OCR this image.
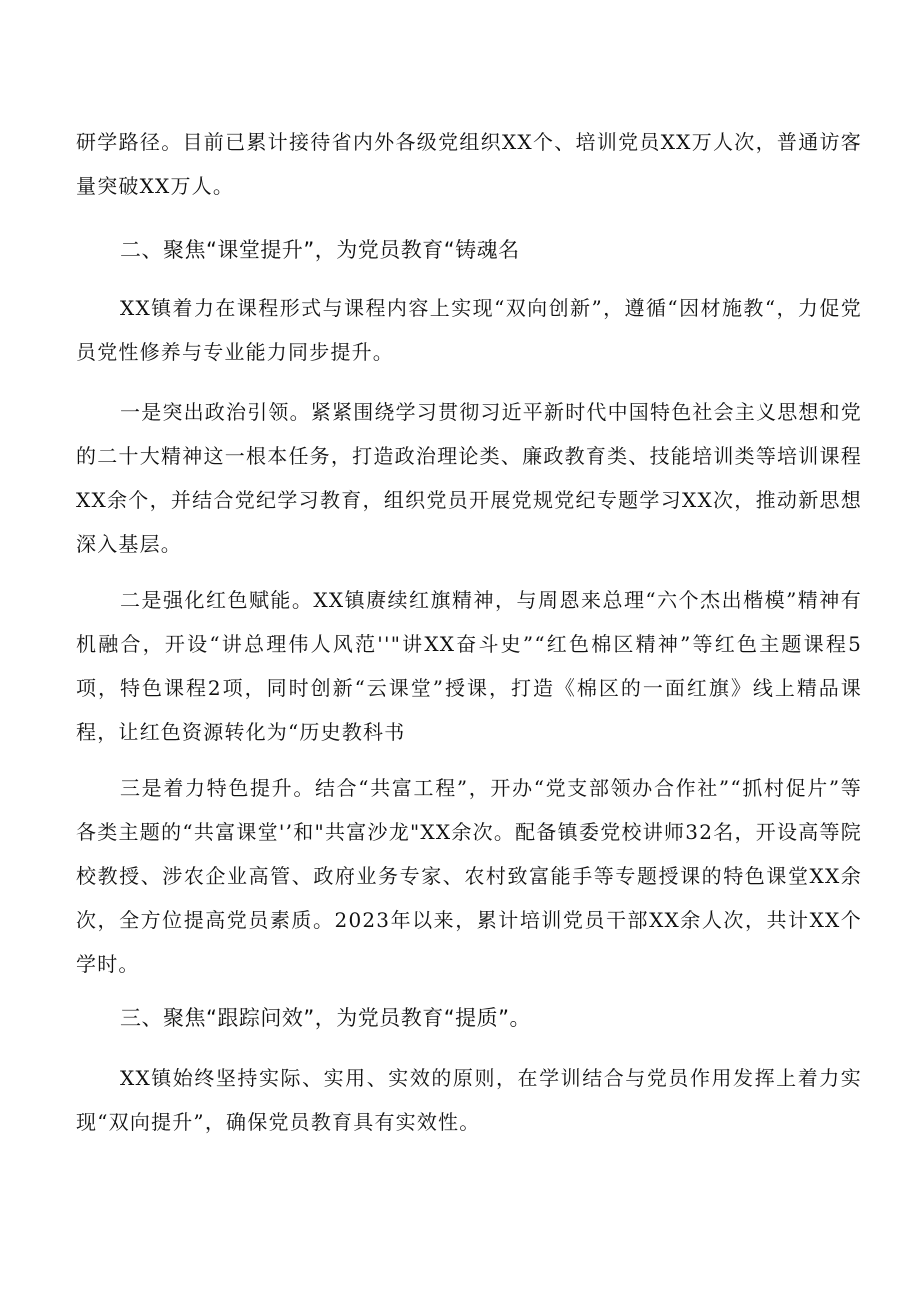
研学路径。目前已累计接待省内外各级党组织XX个、培训党员XX万人次，普通访客量突破XX万人。

二、聚焦“课堂提升”，为党员教育“铸魂名

XX镇着力在课程形式与课程内容上实现“双向创新”，遵循“因材施教“，力促党员党性修养与专业能力同步提升。

一是突出政治引领。紧紧围绕学习贯彻习近平新时代中国特色社会主义思想和党的二十大精神这一根本任务，打造政治理论类、廉政教育类、技能培训类等培训课程XX余个，并结合党纪学习教育，组织党员开展党规党纪专题学习XX次，推动新思想深入基层。

二是强化红色赋能。XX镇赓续红旗精神，与周恩来总理“六个杰出楷模”精神有机融合，开设“讲总理伟人风范''"讲XX奋斗史”“红色棉区精神”等红色主题课程5项，特色课程2项，同时创新“云课堂”授课，打造《棉区的一面红旗》线上精品课程，让红色资源转化为“历史教科书

三是着力特色提升。结合“共富工程”，开办“党支部领办合作社”“抓村促片”等各类主题的“共富课堂'’和"共富沙龙"XX余次。配备镇委党校讲师32名，开设高等院校教授、涉农企业高管、政府业务专家、农村致富能手等专题授课的特色课堂XX余次，全方位提高党员素质。2023年以来，累计培训党员干部XX余人次，共计XX个学时。

三、聚焦“跟踪问效”，为党员教育“提质”。

XX镇始终坚持实际、实用、实效的原则，在学训结合与党员作用发挥上着力实现“双向提升”，确保党员教育具有实效性。
